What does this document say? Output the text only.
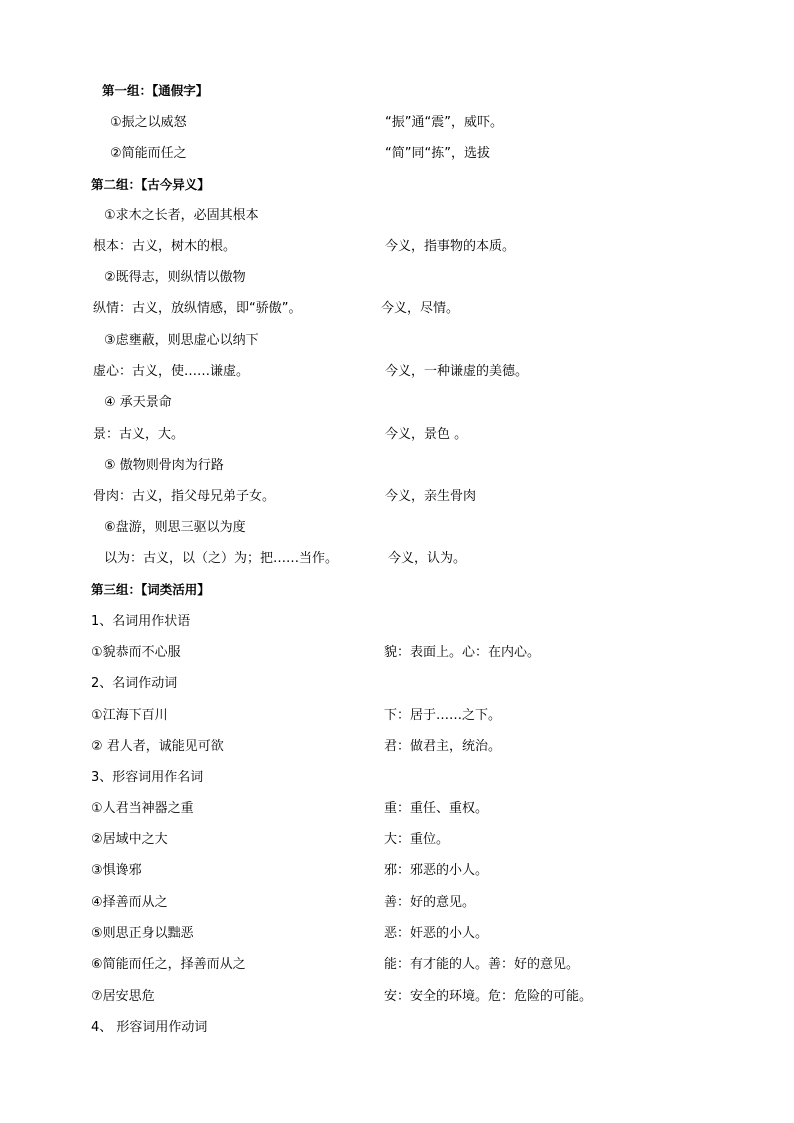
第一组：【通假字】
①振之以威怒	“振”通“震”，威吓。
②简能而任之	“简”同“拣”，选拔
第二组：【古今异义】
①求木之长者，必固其根本
根本：古义，树木的根。	今义，指事物的本质。
②既得志，则纵情以傲物
纵情：古义，放纵情感，即“骄傲”。	今义，尽情。
③虑壅蔽，则思虚心以纳下
虚心：古义，使……谦虚。	今义，一种谦虚的美德。
④ 承天景命
景：古义，大。	今义，景色 。
⑤ 傲物则骨肉为行路
骨肉：古义，指父母兄弟子女。	今义，亲生骨肉
⑥盘游，则思三驱以为度
以为：古义，以（之）为；把……当作。	今义，认为。
第三组：【词类活用】
1、名词用作状语
①貌恭而不心服	貌：表面上。心：在内心。
2、名词作动词
①江海下百川	下：居于……之下。
② 君人者，诚能见可欲	君：做君主，统治。
3、形容词用作名词
①人君当神器之重	重：重任、重权。
②居域中之大	大：重位。
③惧谗邪	邪：邪恶的小人。
④择善而从之	善：好的意见。
⑤则思正身以黜恶	恶：奸恶的小人。
⑥简能而任之，择善而从之	能：有才能的人。善：好的意见。
⑦居安思危	安：安全的环境。危：危险的可能。
4、 形容词用作动词
